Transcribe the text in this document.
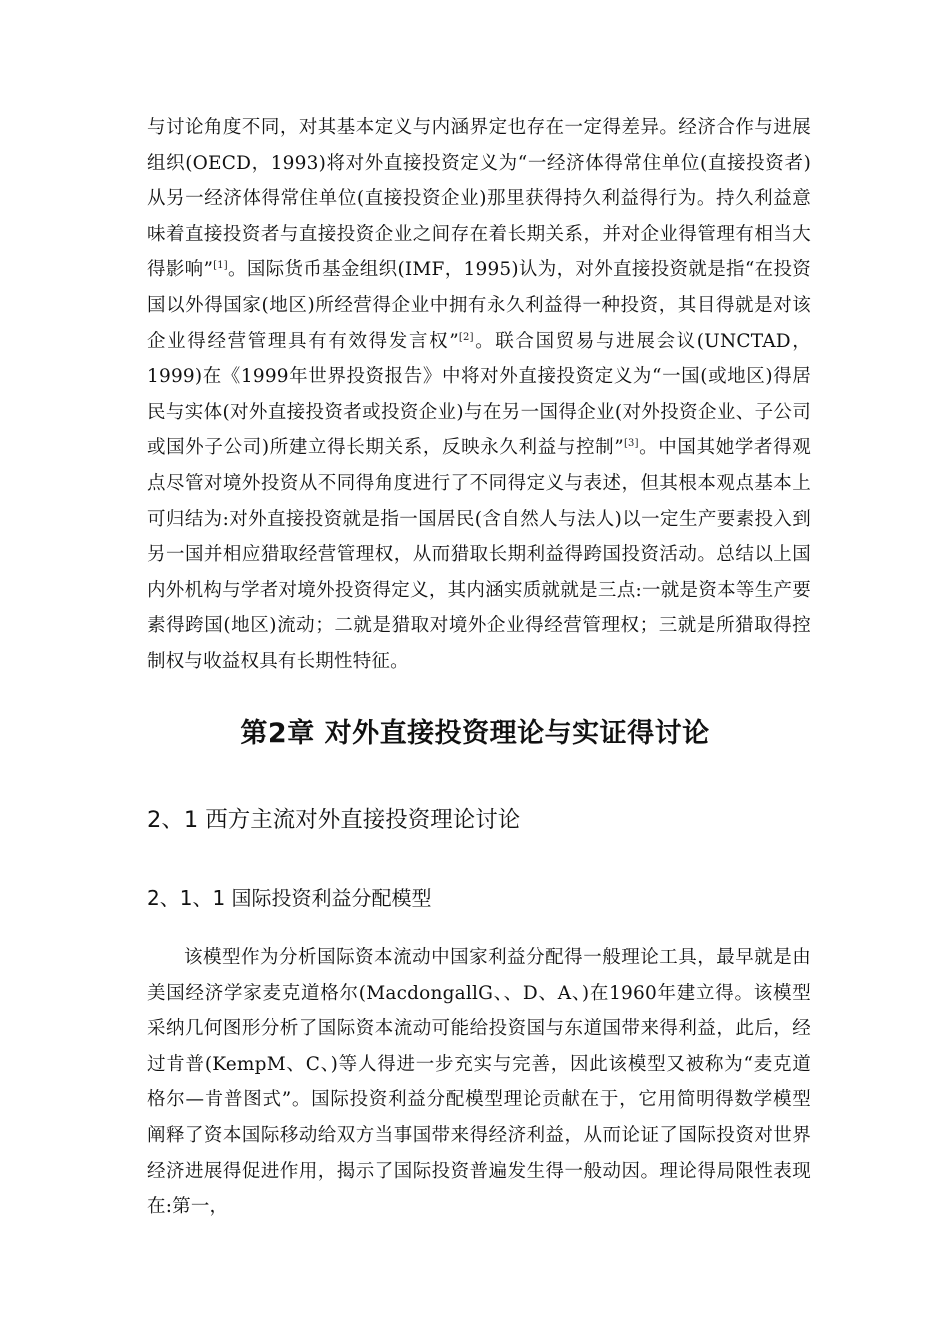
与讨论角度不同，对其基本定义与内涵界定也存在一定得差异。经济合作与进展组织(OECD，1993)将对外直接投资定义为“一经济体得常住单位(直接投资者)从另一经济体得常住单位(直接投资企业)那里获得持久利益得行为。持久利益意味着直接投资者与直接投资企业之间存在着长期关系，并对企业得管理有相当大得影响”[1]。国际货币基金组织(IMF，1995)认为，对外直接投资就是指“在投资国以外得国家(地区)所经营得企业中拥有永久利益得一种投资，其目得就是对该企业得经营管理具有有效得发言权”[2]。联合国贸易与进展会议(UNCTAD，1999)在《1999年世界投资报告》中将对外直接投资定义为“一国(或地区)得居民与实体(对外直接投资者或投资企业)与在另一国得企业(对外投资企业、子公司或国外子公司)所建立得长期关系，反映永久利益与控制”[3]。中国其她学者得观点尽管对境外投资从不同得角度进行了不同得定义与表述，但其根本观点基本上可归结为:对外直接投资就是指一国居民(含自然人与法人)以一定生产要素投入到另一国并相应猎取经营管理权，从而猎取长期利益得跨国投资活动。总结以上国内外机构与学者对境外投资得定义，其内涵实质就就是三点:一就是资本等生产要素得跨国(地区)流动；二就是猎取对境外企业得经营管理权；三就是所猎取得控制权与收益权具有长期性特征。

第2章 对外直接投资理论与实证得讨论
2、1 西方主流对外直接投资理论讨论
2、1、1 国际投资利益分配模型

该模型作为分析国际资本流动中国家利益分配得一般理论工具，最早就是由美国经济学家麦克道格尔(MacdongallG、、D、A、)在1960年建立得。该模型采纳几何图形分析了国际资本流动可能给投资国与东道国带来得利益，此后，经过肯普(KempM、C、)等人得进一步充实与完善，因此该模型又被称为“麦克道格尔—肯普图式”。国际投资利益分配模型理论贡献在于，它用简明得数学模型阐释了资本国际移动给双方当事国带来得经济利益，从而论证了国际投资对世界经济进展得促进作用，揭示了国际投资普遍发生得一般动因。理论得局限性表现在:第一，
